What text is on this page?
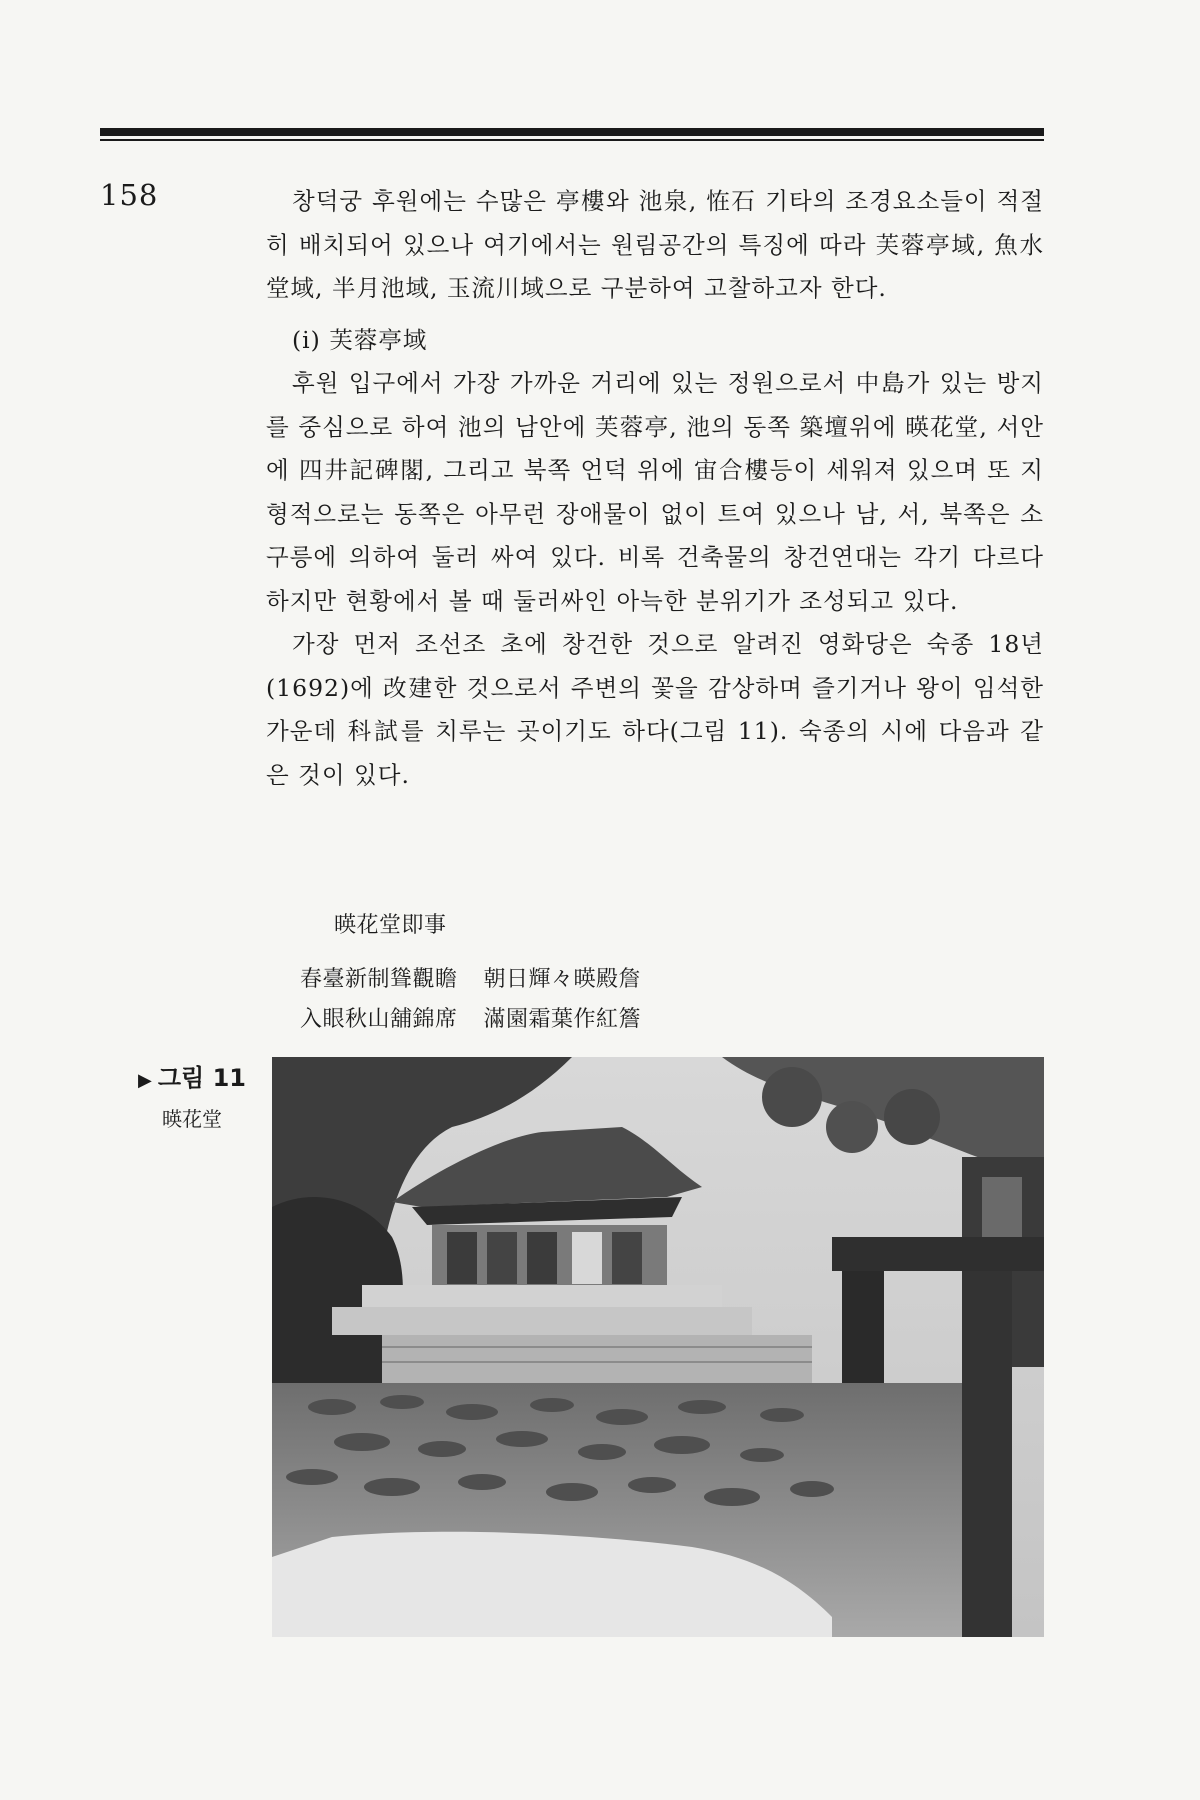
158	창덕궁 후원에는 수많은 亭樓와 池泉, 恠石 기타의 조경요소들이 적절히 배치되어 있으나 여기에서는 원림공간의 특징에 따라 芙蓉亭域, 魚水堂域, 半月池域, 玉流川域으로 구분하여 고찰하고자 한다.

(i) 芙蓉亭域

후원 입구에서 가장 가까운 거리에 있는 정원으로서 中島가 있는 방지를 중심으로 하여 池의 남안에 芙蓉亭, 池의 동쪽 築壇위에 暎花堂, 서안에 四井記碑閣, 그리고 북쪽 언덕 위에 宙合樓등이 세워져 있으며 또 지형적으로는 동쪽은 아무런 장애물이 없이 트여 있으나 남, 서, 북쪽은 소구릉에 의하여 둘러 싸여 있다. 비록 건축물의 창건연대는 각기 다르다 하지만 현황에서 볼 때 둘러싸인 아늑한 분위기가 조성되고 있다.

가장 먼저 조선조 초에 창건한 것으로 알려진 영화당은 숙종 18년(1692)에 改建한 것으로서 주변의 꽃을 감상하며 즐기거나 왕이 임석한 가운데 科試를 치루는 곳이기도 하다(그림 11). 숙종의 시에 다음과 같은 것이 있다.

暎花堂即事
春臺新制聳觀瞻 朝日輝々暎殿詹
入眼秋山舖錦席 滿園霜葉作紅簷
▶ 그림 11
暎花堂
